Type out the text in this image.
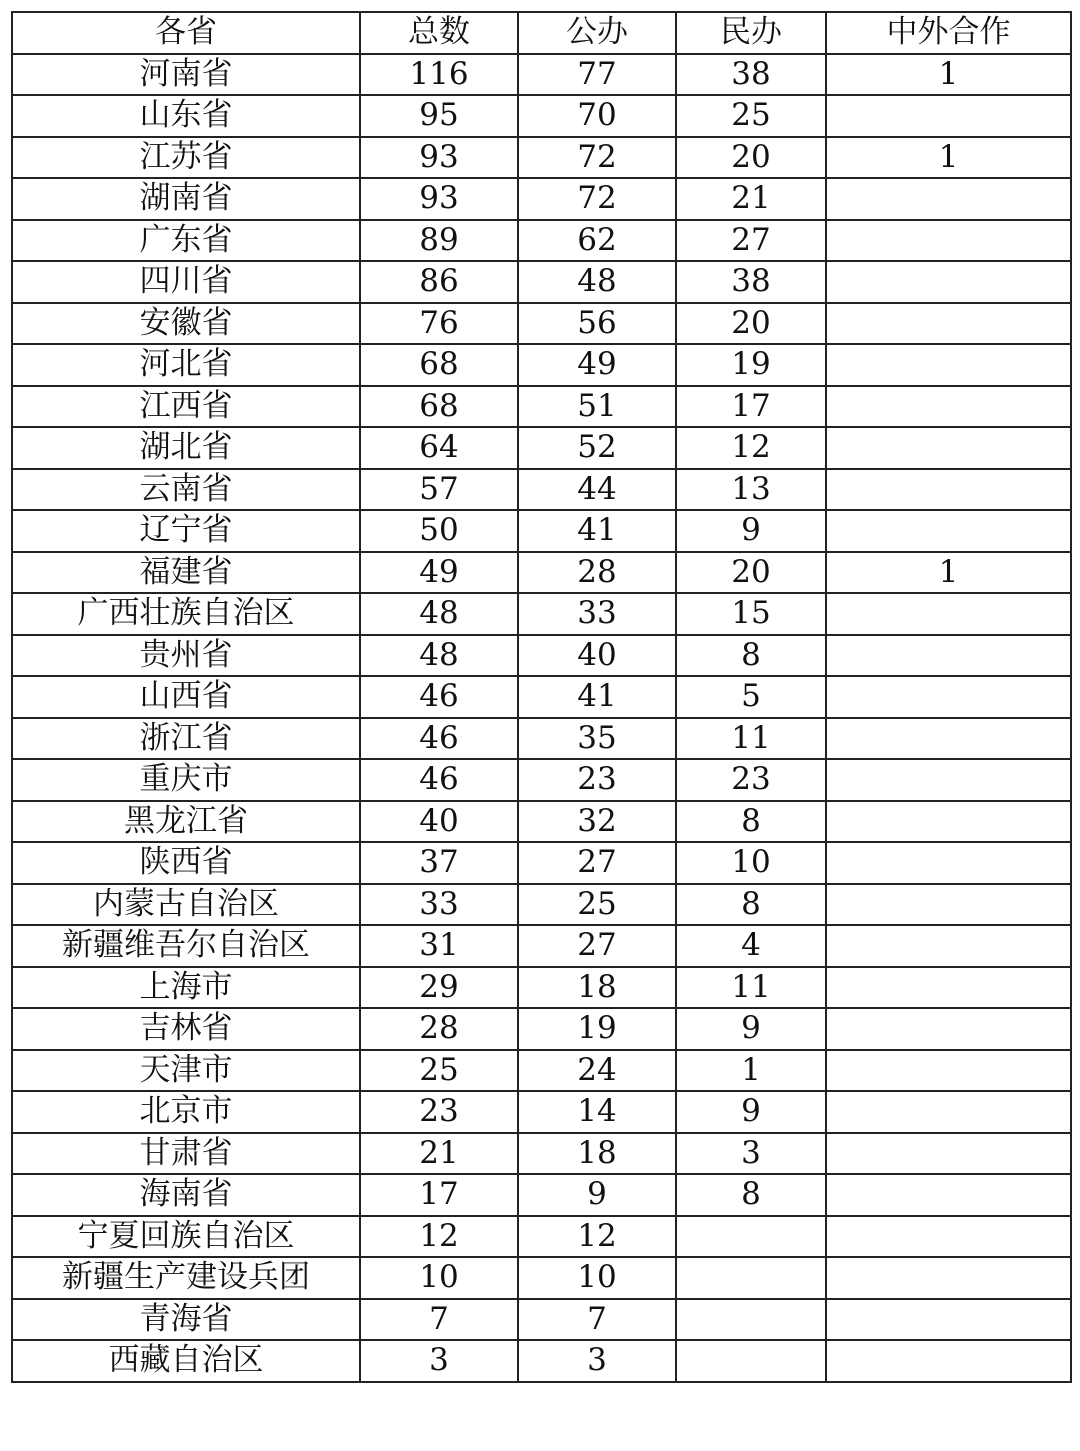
各省	总数	公办	民办	中外合作
河南省	116	77	38	1
山东省	95	70	25	
江苏省	93	72	20	1
湖南省	93	72	21	
广东省	89	62	27	
四川省	86	48	38	
安徽省	76	56	20	
河北省	68	49	19	
江西省	68	51	17	
湖北省	64	52	12	
云南省	57	44	13	
辽宁省	50	41	9	
福建省	49	28	20	1
广西壮族自治区	48	33	15	
贵州省	48	40	8	
山西省	46	41	5	
浙江省	46	35	11	
重庆市	46	23	23	
黑龙江省	40	32	8	
陕西省	37	27	10	
内蒙古自治区	33	25	8	
新疆维吾尔自治区	31	27	4	
上海市	29	18	11	
吉林省	28	19	9	
天津市	25	24	1	
北京市	23	14	9	
甘肃省	21	18	3	
海南省	17	9	8	
宁夏回族自治区	12	12		
新疆生产建设兵团	10	10		
青海省	7	7		
西藏自治区	3	3		
